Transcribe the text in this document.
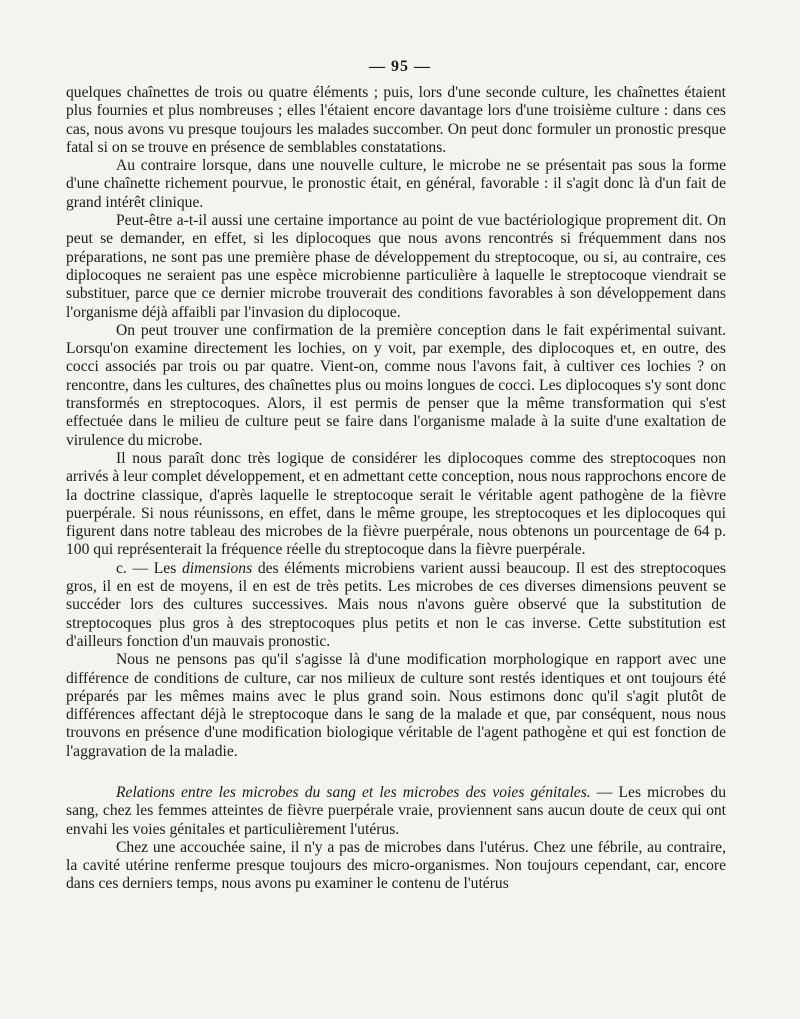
— 95 —

quelques chaînettes de trois ou quatre éléments ; puis, lors d'une seconde culture, les chaînettes étaient plus fournies et plus nombreuses ; elles l'étaient encore davantage lors d'une troisième culture : dans ces cas, nous avons vu presque toujours les malades succomber. On peut donc formuler un pronostic presque fatal si on se trouve en présence de semblables constatations.

Au contraire lorsque, dans une nouvelle culture, le microbe ne se présentait pas sous la forme d'une chaînette richement pourvue, le pronostic était, en général, favorable : il s'agit donc là d'un fait de grand intérêt clinique.

Peut-être a-t-il aussi une certaine importance au point de vue bactériologique proprement dit. On peut se demander, en effet, si les diplocoques que nous avons rencontrés si fréquemment dans nos préparations, ne sont pas une première phase de développement du streptocoque, ou si, au contraire, ces diplocoques ne seraient pas une espèce microbienne particulière à laquelle le streptocoque viendrait se substituer, parce que ce dernier microbe trouverait des conditions favorables à son développement dans l'organisme déjà affaibli par l'invasion du diplocoque.

On peut trouver une confirmation de la première conception dans le fait expérimental suivant. Lorsqu'on examine directement les lochies, on y voit, par exemple, des diplocoques et, en outre, des cocci associés par trois ou par quatre. Vient-on, comme nous l'avons fait, à cultiver ces lochies ? on rencontre, dans les cultures, des chaînettes plus ou moins longues de cocci. Les diplocoques s'y sont donc transformés en streptocoques. Alors, il est permis de penser que la même transformation qui s'est effectuée dans le milieu de culture peut se faire dans l'organisme malade à la suite d'une exaltation de virulence du microbe.

Il nous paraît donc très logique de considérer les diplocoques comme des streptocoques non arrivés à leur complet développement, et en admettant cette conception, nous nous rapprochons encore de la doctrine classique, d'après laquelle le streptocoque serait le véritable agent pathogène de la fièvre puerpérale. Si nous réunissons, en effet, dans le même groupe, les streptocoques et les diplocoques qui figurent dans notre tableau des microbes de la fièvre puerpérale, nous obtenons un pourcentage de 64 p. 100 qui représenterait la fréquence réelle du streptocoque dans la fièvre puerpérale.

c. — Les dimensions des éléments microbiens varient aussi beaucoup. Il est des streptocoques gros, il en est de moyens, il en est de très petits. Les microbes de ces diverses dimensions peuvent se succéder lors des cultures successives. Mais nous n'avons guère observé que la substitution de streptocoques plus gros à des streptocoques plus petits et non le cas inverse. Cette substitution est d'ailleurs fonction d'un mauvais pronostic.

Nous ne pensons pas qu'il s'agisse là d'une modification morphologique en rapport avec une différence de conditions de culture, car nos milieux de culture sont restés identiques et ont toujours été préparés par les mêmes mains avec le plus grand soin. Nous estimons donc qu'il s'agit plutôt de différences affectant déjà le streptocoque dans le sang de la malade et que, par conséquent, nous nous trouvons en présence d'une modification biologique véritable de l'agent pathogène et qui est fonction de l'aggravation de la maladie.

Relations entre les microbes du sang et les microbes des voies génitales. — Les microbes du sang, chez les femmes atteintes de fièvre puerpérale vraie, proviennent sans aucun doute de ceux qui ont envahi les voies génitales et particulièrement l'utérus.

Chez une accouchée saine, il n'y a pas de microbes dans l'utérus. Chez une fébrile, au contraire, la cavité utérine renferme presque toujours des micro-organismes. Non toujours cependant, car, encore dans ces derniers temps, nous avons pu examiner le contenu de l'utérus
